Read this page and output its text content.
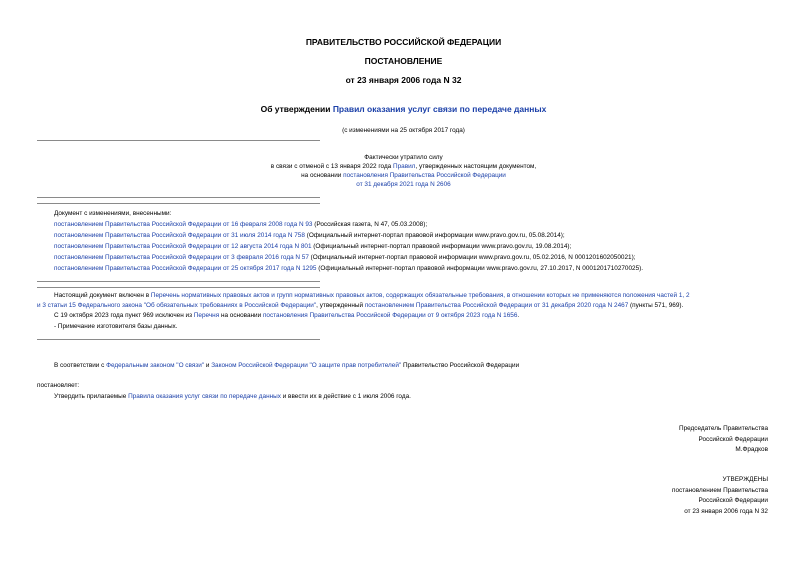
ПРАВИТЕЛЬСТВО РОССИЙСКОЙ ФЕДЕРАЦИИ
ПОСТАНОВЛЕНИЕ
от 23 января 2006 года N 32
Об утверждении Правил оказания услуг связи по передаче данных
(с изменениями на 25 октября 2017 года)
Фактически утратило силу
в связи с отменой с 13 января 2022 года Правил, утвержденных настоящим документом,
на основании постановления Правительства Российской Федерации
от 31 декабря 2021 года N 2606
Документ с изменениями, внесенными:
постановлением Правительства Российской Федерации от 16 февраля 2008 года N 93 (Российская газета, N 47, 05.03.2008);
постановлением Правительства Российской Федерации от 31 июля 2014 года N 758 (Официальный интернет-портал правовой информации www.pravo.gov.ru, 05.08.2014);
постановлением Правительства Российской Федерации от 12 августа 2014 года N 801 (Официальный интернет-портал правовой информации www.pravo.gov.ru, 19.08.2014);
постановлением Правительства Российской Федерации от 3 февраля 2016 года N 57 (Официальный интернет-портал правовой информации www.pravo.gov.ru, 05.02.2016, N 0001201602050021);
постановлением Правительства Российской Федерации от 25 октября 2017 года N 1295 (Официальный интернет-портал правовой информации www.pravo.gov.ru, 27.10.2017, N 0001201710270025).
Настоящий документ включен в Перечень нормативных правовых актов и групп нормативных правовых актов, содержащих обязательные требования, в отношении которых не применяются положения частей 1, 2
и 3 статьи 15 Федерального закона "Об обязательных требованиях в Российской Федерации", утвержденный постановлением Правительства Российской Федерации от 31 декабря 2020 года N 2467 (пункты 571, 969).
С 19 октября 2023 года пункт 969 исключен из Перечня на основании постановления Правительства Российской Федерации от 9 октября 2023 года N 1656.
- Примечание изготовителя базы данных.
В соответствии с Федеральным законом "О связи" и Законом Российской Федерации "О защите прав потребителей" Правительство Российской Федерации
постановляет:
Утвердить прилагаемые Правила оказания услуг связи по передаче данных и ввести их в действие с 1 июля 2006 года.
Председатель Правительства
Российской Федерации
М.Фрадков
УТВЕРЖДЕНЫ
постановлением Правительства
Российской Федерации
от 23 января 2006 года N 32
